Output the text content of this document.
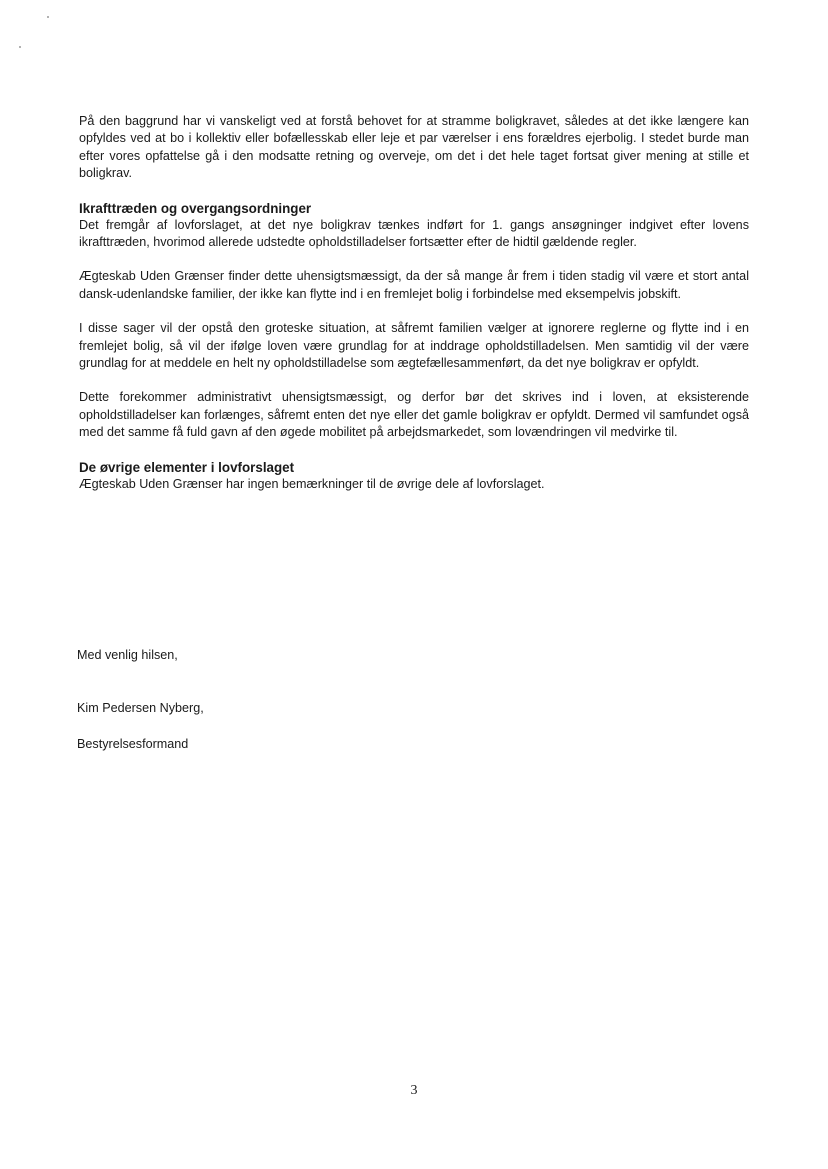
På den baggrund har vi vanskeligt ved at forstå behovet for at stramme boligkravet, således at det ikke længere kan opfyldes ved at bo i kollektiv eller bofællesskab eller leje et par værelser i ens forældres ejerbolig. I stedet burde man efter vores opfattelse gå i den modsatte retning og overveje, om det i det hele taget fortsat giver mening at stille et boligkrav.

Ikrafttræden og overgangsordninger

Det fremgår af lovforslaget, at det nye boligkrav tænkes indført for 1. gangs ansøgninger indgivet efter lovens ikrafttræden, hvorimod allerede udstedte opholdstilladelser fortsætter efter de hidtil gældende regler.

Ægteskab Uden Grænser finder dette uhensigtsmæssigt, da der så mange år frem i tiden stadig vil være et stort antal dansk-udenlandske familier, der ikke kan flytte ind i en fremlejet bolig i forbindelse med eksempelvis jobskift.

I disse sager vil der opstå den groteske situation, at såfremt familien vælger at ignorere reglerne og flytte ind i en fremlejet bolig, så vil der ifølge loven være grundlag for at inddrage opholdstilladelsen. Men samtidig vil der være grundlag for at meddele en helt ny opholdstilladelse som ægtefællesammenført, da det nye boligkrav er opfyldt.

Dette forekommer administrativt uhensigtsmæssigt, og derfor bør det skrives ind i loven, at eksisterende opholdstilladelser kan forlænges, såfremt enten det nye eller det gamle boligkrav er opfyldt. Dermed vil samfundet også med det samme få fuld gavn af den øgede mobilitet på arbejdsmarkedet, som lovændringen vil medvirke til.

De øvrige elementer i lovforslaget

Ægteskab Uden Grænser har ingen bemærkninger til de øvrige dele af lovforslaget.

Med venlig hilsen,

Kim Pedersen Nyberg,

Bestyrelsesformand

3
